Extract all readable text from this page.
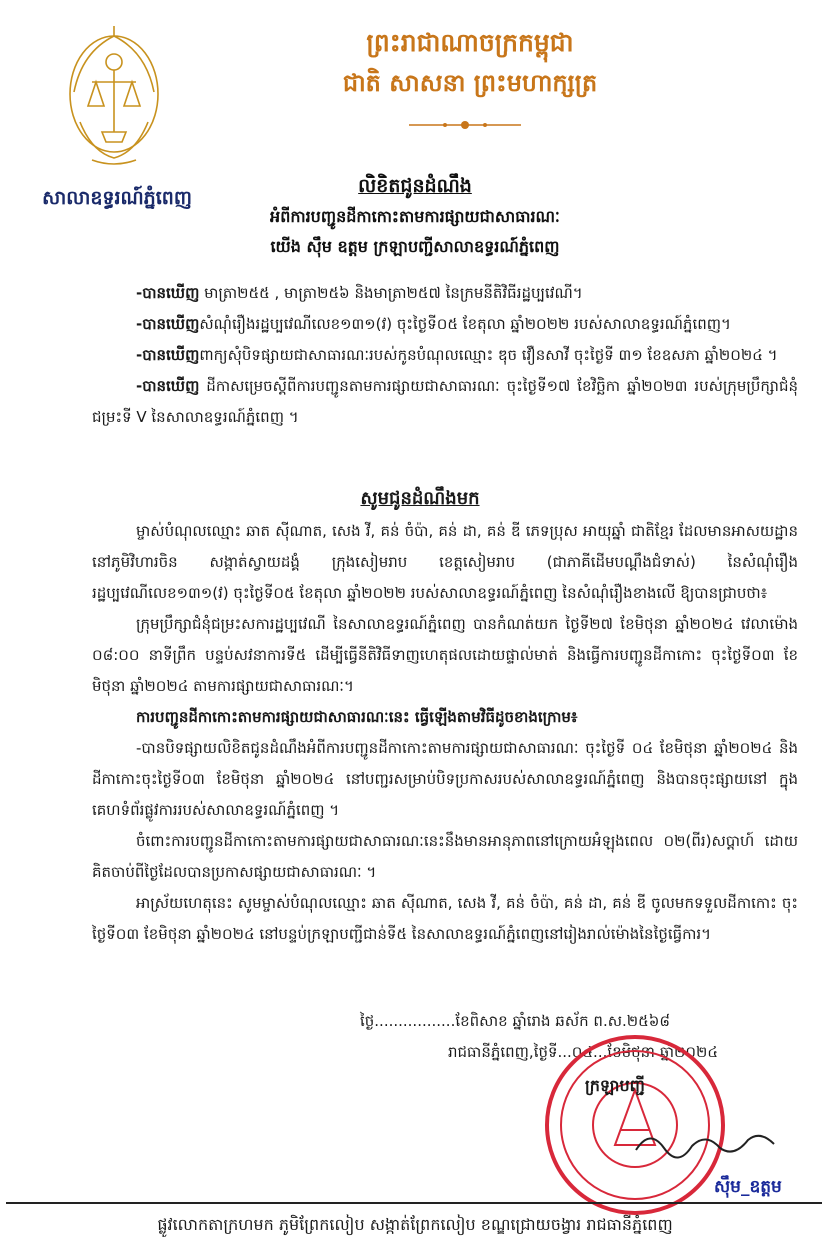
សាលាឧទ្ធរណ៍ភ្នំពេញ
ព្រះរាជាណាចក្រកម្ពុជា
ជាតិ សាសនា ព្រះមហាក្សត្រ
លិខិតជូនដំណឹង
អំពីការបញ្ជូនដីកាកោះតាមការផ្សាយជាសាធារណៈ
យើង ស៊ឹម ឧត្តម ក្រឡាបញ្ជីសាលាឧទ្ធរណ៍ភ្នំពេញ
-បានឃើញ មាត្រា២៥៥ , មាត្រា២៥៦ និងមាត្រា២៥៧ នៃក្រមនីតិវិធីរដ្ឋប្បវេណី។
-បានឃើញសំណុំរឿងរដ្ឋប្បវេណីលេខ១៣១(វ) ចុះថ្ងៃទី០៥ ខែតុលា ឆ្នាំ២០២២ របស់សាលាឧទ្ធរណ៍ភ្នំពេញ។
-បានឃើញពាក្យសុំបិទផ្សាយជាសាធារណៈរបស់កូនបំណុលឈ្មោះ ឌុច វឿនសាវី ចុះថ្ងៃទី ៣១ ខែឧសភា ឆ្នាំ២០២៤ ។
-បានឃើញ ដីកាសម្រេចស្តីពីការបញ្ជូនតាមការផ្សាយជាសាធារណៈ ចុះថ្ងៃទី១៧ ខែវិច្ឆិកា ឆ្នាំ២០២៣ របស់ក្រុមប្រឹក្សាជំនុំជម្រះទី V នៃសាលាឧទ្ធរណ៍ភ្នំពេញ ។
សូមជូនដំណឹងមក
ម្ចាស់បំណុលឈ្មោះ ឆាត ស៊ីណាត, សេង វី, គន់ ចំប៉ា, គន់ ដា, គន់ ឌី ភេទប្រុស អាយុឆ្នាំ ជាតិខ្មែរ ដែលមានអាសយដ្ឋាននៅភូមិវិហារចិន សង្កាត់ស្វាយដង្គំ ក្រុងសៀមរាប ខេត្តសៀមរាប (ជាភាគីដើមបណ្តឹងជំទាស់) នៃសំណុំរឿងរដ្ឋប្បវេណីលេខ១៣១(វ) ចុះថ្ងៃទី០៥ ខែតុលា ឆ្នាំ២០២២ របស់សាលាឧទ្ធរណ៍ភ្នំពេញ នៃសំណុំរឿងខាងលើ ឱ្យបានជ្រាបថា៖
ក្រុមប្រឹក្សាជំនុំជម្រះសការដ្ឋប្បវេណី នៃសាលាឧទ្ធរណ៍ភ្នំពេញ បានកំណត់យក ថ្ងៃទី២៧ ខែមិថុនា ឆ្នាំ២០២៤ វេលាម៉ោង ០៨:០០ នាទីព្រឹក បន្ទប់សវនាការទី៥ ដើម្បីធ្វើនីតិវិធីទាញហេតុផលដោយផ្ទាល់មាត់ និងធ្វើការបញ្ជូនដីកាកោះ ចុះថ្ងៃទី០៣ ខែមិថុនា ឆ្នាំ២០២៤ តាមការផ្សាយជាសាធារណៈ។
ការបញ្ជូនដីកាកោះតាមការផ្សាយជាសាធារណៈនេះ ធ្វើឡើងតាមវិធីដូចខាងក្រោម៖
-បានបិទផ្សាយលិខិតជូនដំណឹងអំពីការបញ្ជូនដីកាកោះតាមការផ្សាយជាសាធារណៈ ចុះថ្ងៃទី ០៤ ខែមិថុនា ឆ្នាំ២០២៤ និងដីកាកោះចុះថ្ងៃទី០៣ ខែមិថុនា ឆ្នាំ២០២៤ នៅបញ្ជរសម្រាប់បិទប្រកាសរបស់សាលាឧទ្ធរណ៍ភ្នំពេញ និងបានចុះផ្សាយនៅ ក្នុងគេហទំព័រផ្លូវការរបស់សាលាឧទ្ធរណ៍ភ្នំពេញ ។
ចំពោះការបញ្ជូនដីកាកោះតាមការផ្សាយជាសាធារណៈនេះនឹងមានអានុភាពនៅក្រោយអំឡុងពេល ០២(ពីរ)សប្តាហ៍ ដោយគិតចាប់ពីថ្ងៃដែលបានប្រកាសផ្សាយជាសាធារណៈ ។
អាស្រ័យហេតុនេះ សូមម្ចាស់បំណុលឈ្មោះ ឆាត ស៊ីណាត, សេង វី, គន់ ចំប៉ា, គន់ ដា, គន់ ឌី ចូលមកទទួលដីកាកោះ ចុះថ្ងៃទី០៣ ខែមិថុនា ឆ្នាំ២០២៤ នៅបន្ទប់ក្រឡាបញ្ជីជាន់ទី៥ នៃសាលាឧទ្ធរណ៍ភ្នំពេញនៅរៀងរាល់ម៉ោងនៃថ្ងៃធ្វើការ។
ថ្ងៃ.................ខែពិសាខ ឆ្នាំរោង ឆស័ក ព.ស.២៥៦៨
រាជធានីភ្នំពេញ,ថ្ងៃទី...០៤...ខែមិថុនា ឆ្នាំ២០២៤
ក្រឡាបញ្ជី
ស៊ឹម_ឧត្តម
ផ្លូវលោកតាក្រហមក ភូមិព្រែកលៀប សង្កាត់ព្រែកលៀប ខណ្ឌជ្រោយចង្វារ រាជធានីភ្នំពេញ
